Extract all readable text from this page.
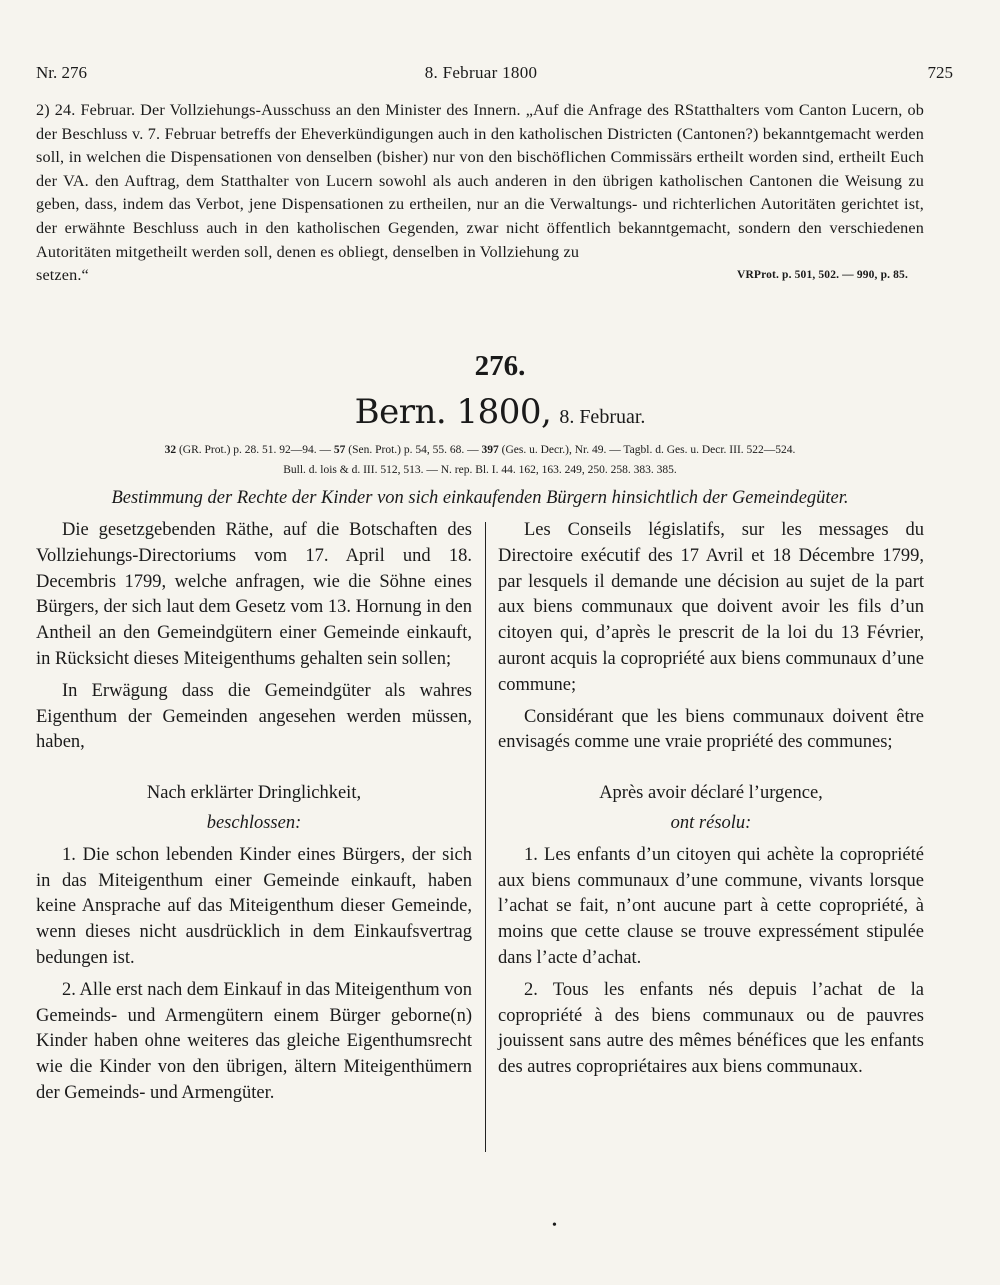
Nr. 276	8. Februar 1800	725
2) 24. Februar. Der Vollziehungs-Ausschuss an den Minister des Innern. „Auf die Anfrage des RStatthalters vom Canton Lucern, ob der Beschluss v. 7. Februar betreffs der Eheverkündigungen auch in den katholischen Districten (Cantonen?) bekanntgemacht werden soll, in welchen die Dispensationen von denselben (bisher) nur von den bischöflichen Commissärs ertheilt worden sind, ertheilt Euch der VA. den Auftrag, dem Statthalter von Lucern sowohl als auch anderen in den übrigen katholischen Cantonen die Weisung zu geben, dass, indem das Verbot, jene Dispensationen zu ertheilen, nur an die Verwaltungs- und richterlichen Autoritäten gerichtet ist, der erwähnte Beschluss auch in den katholischen Gegenden, zwar nicht öffentlich bekanntgemacht, sondern den verschiedenen Autoritäten mitgetheilt werden soll, denen es obliegt, denselben in Vollziehung zu
setzen.“	VRProt. p. 501, 502. — 990, p. 85.
276.
Bern. 1800, 8. Februar.
32 (GR. Prot.) p. 28. 51. 92—94. — 57 (Sen. Prot.) p. 54, 55. 68. — 397 (Ges. u. Decr.), Nr. 49. — Tagbl. d. Ges. u. Decr. III. 522—524.
Bull. d. lois & d. III. 512, 513. — N. rep. Bl. I. 44. 162, 163. 249, 250. 258. 383. 385.
Bestimmung der Rechte der Kinder von sich einkaufenden Bürgern hinsichtlich der Gemeindegüter.

Die gesetzgebenden Räthe, auf die Botschaften des Vollziehungs-Directoriums vom 17. April und 18. Decembris 1799, welche anfragen, wie die Söhne eines Bürgers, der sich laut dem Gesetz vom 13. Hornung in den Antheil an den Gemeindgütern einer Gemeinde einkauft, in Rücksicht dieses Miteigenthums gehalten sein sollen;

In Erwägung dass die Gemeindgüter als wahres Eigenthum der Gemeinden angesehen werden müssen, haben,

Nach erklärter Dringlichkeit,

beschlossen:

1. Die schon lebenden Kinder eines Bürgers, der sich in das Miteigenthum einer Gemeinde einkauft, haben keine Ansprache auf das Miteigenthum dieser Gemeinde, wenn dieses nicht ausdrücklich in dem Einkaufsvertrag bedungen ist.

2. Alle erst nach dem Einkauf in das Miteigenthum von Gemeinds- und Armengütern einem Bürger geborne(n) Kinder haben ohne weiteres das gleiche Eigenthumsrecht wie die Kinder von den übrigen, ältern Miteigenthümern der Gemeinds- und Armengüter.

Les Conseils législatifs, sur les messages du Directoire exécutif des 17 Avril et 18 Décembre 1799, par lesquels il demande une décision au sujet de la part aux biens communaux que doivent avoir les fils d’un citoyen qui, d’après le prescrit de la loi du 13 Février, auront acquis la copropriété aux biens communaux d’une commune;

Considérant que les biens communaux doivent être envisagés comme une vraie propriété des communes;

Après avoir déclaré l’urgence,

ont résolu:

1. Les enfants d’un citoyen qui achète la copropriété aux biens communaux d’une commune, vivants lorsque l’achat se fait, n’ont aucune part à cette copropriété, à moins que cette clause se trouve expressément stipulée dans l’acte d’achat.

2. Tous les enfants nés depuis l’achat de la copropriété à des biens communaux ou de pauvres jouissent sans autre des mêmes bénéfices que les enfants des autres copropriétaires aux biens communaux.

•
